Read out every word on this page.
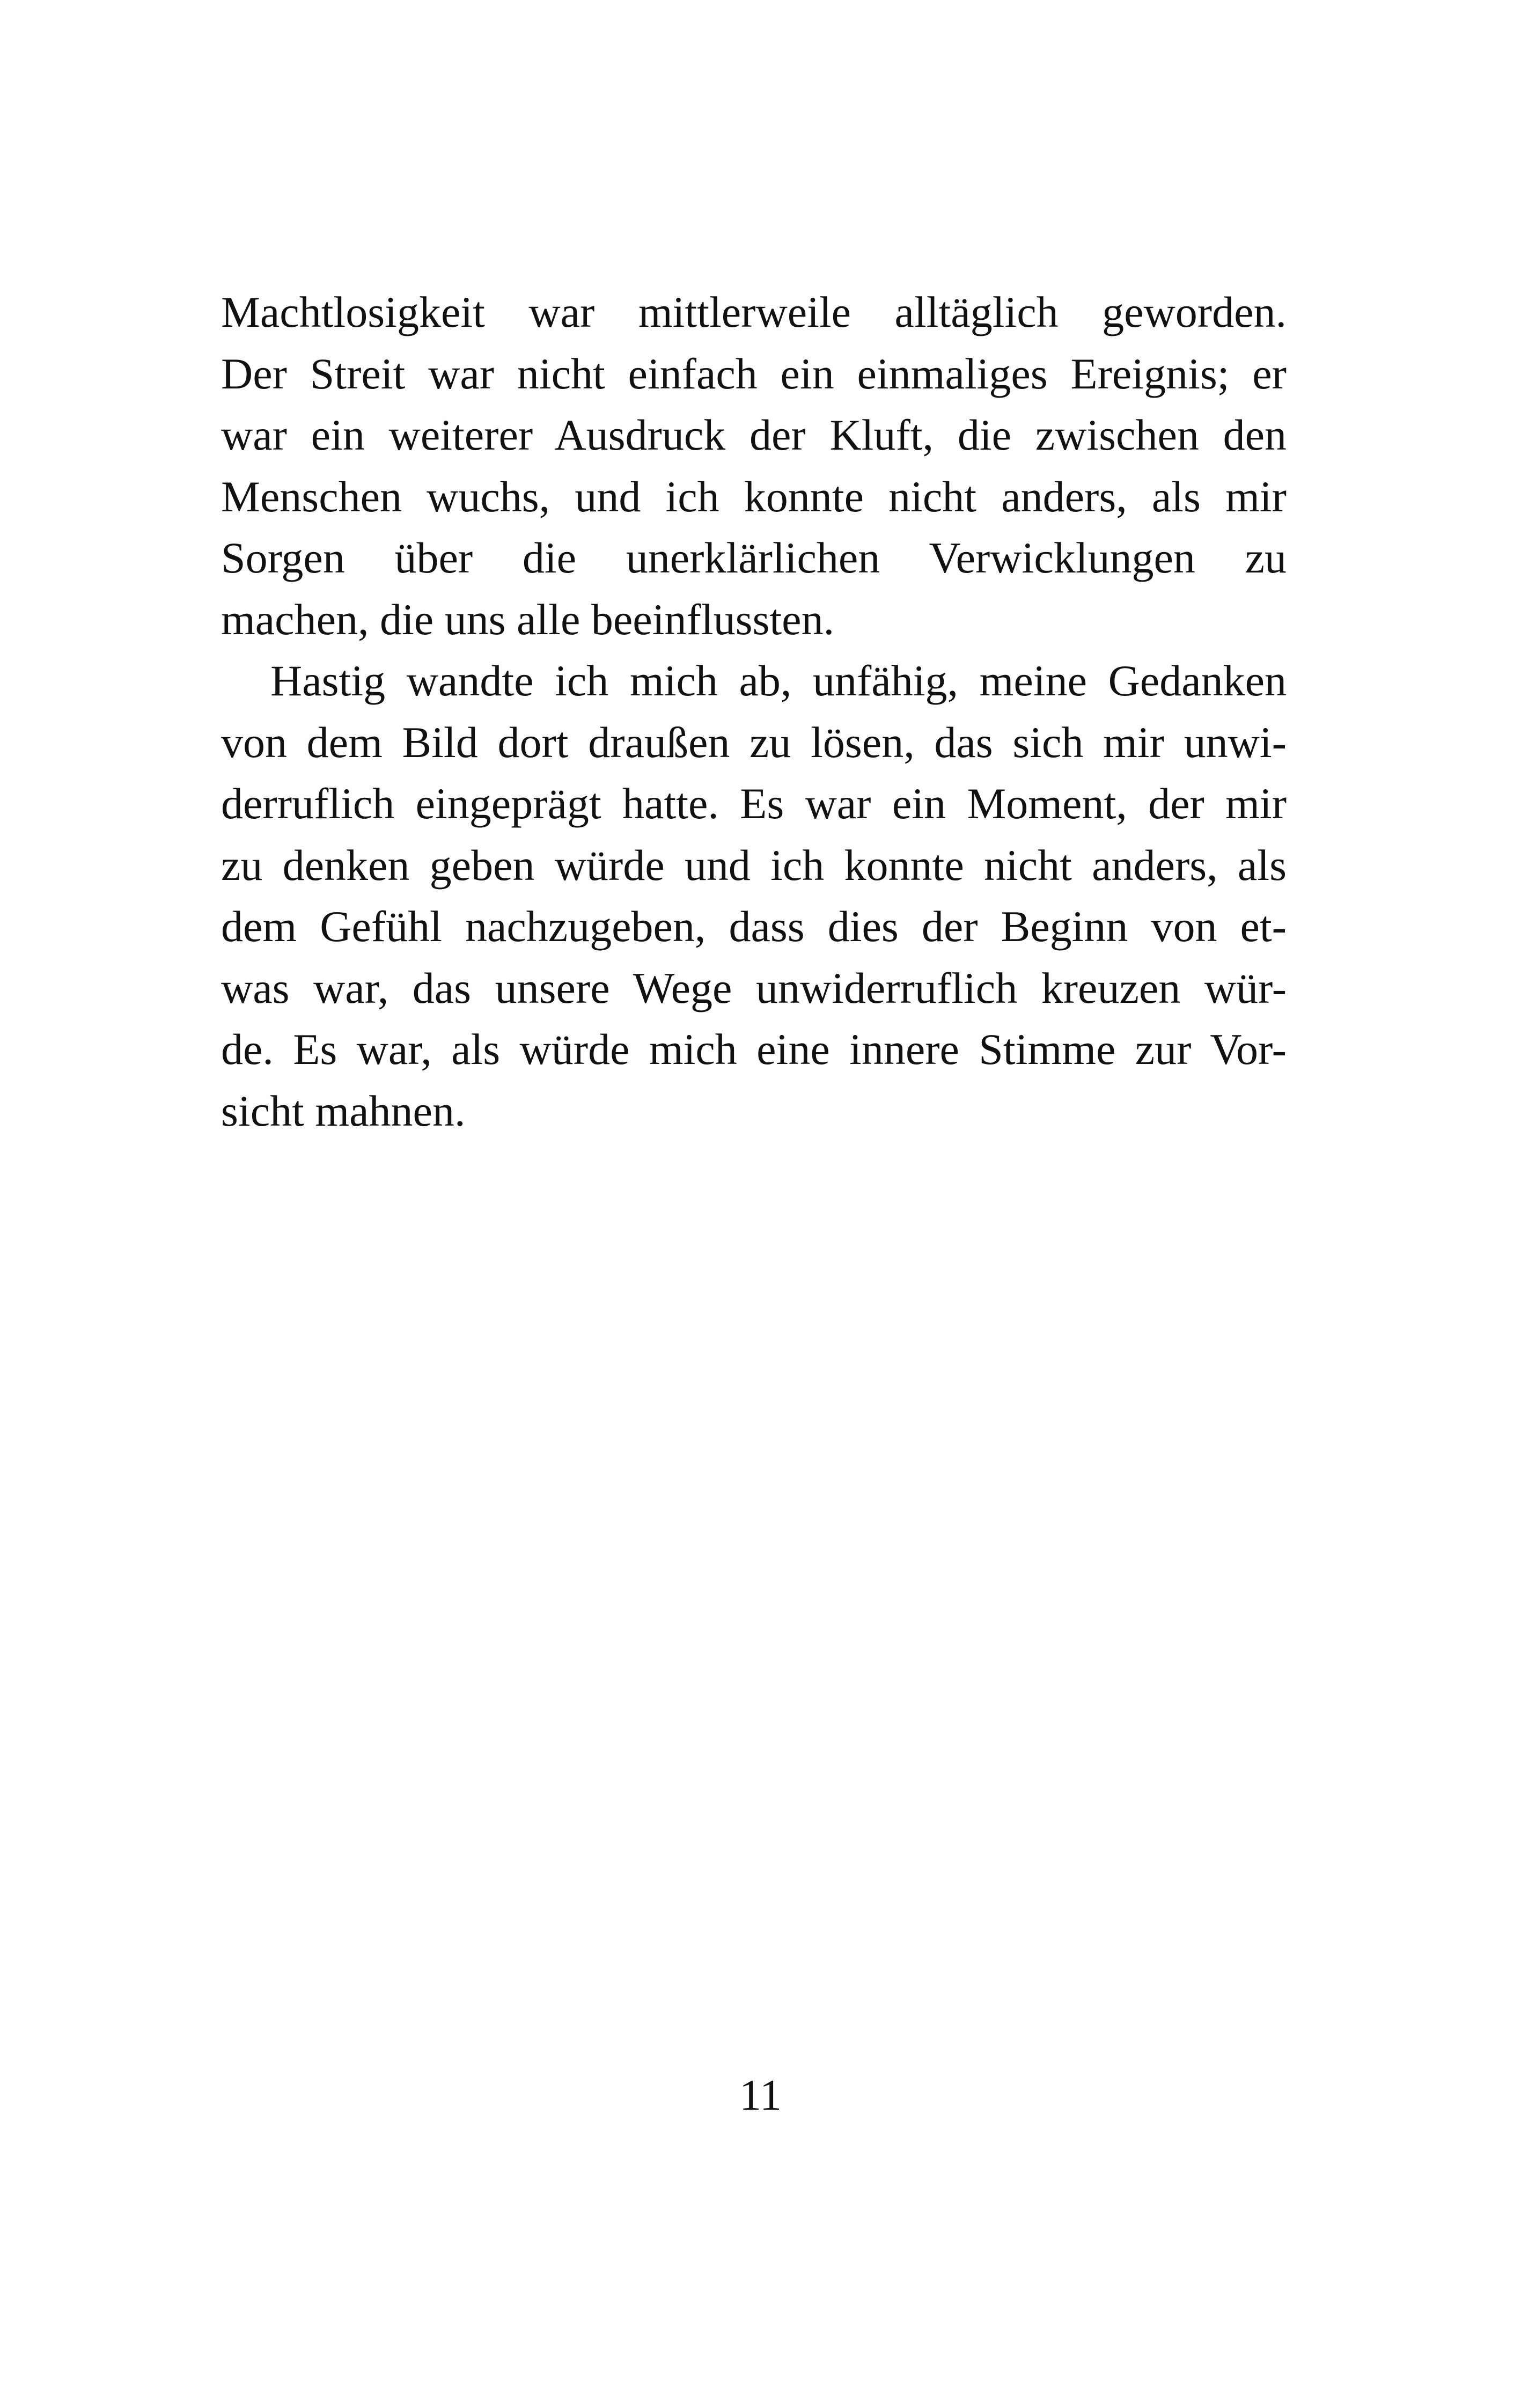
Machtlosigkeit war mittlerweile alltäglich geworden.
Der Streit war nicht einfach ein einmaliges Ereignis; er
war ein weiterer Ausdruck der Kluft, die zwischen den
Menschen wuchs, und ich konnte nicht anders, als mir
Sorgen über die unerklärlichen Verwicklungen zu
machen, die uns alle beeinflussten.
Hastig wandte ich mich ab, unfähig, meine Gedanken
von dem Bild dort draußen zu lösen, das sich mir unwi-
derruflich eingeprägt hatte. Es war ein Moment, der mir
zu denken geben würde und ich konnte nicht anders, als
dem Gefühl nachzugeben, dass dies der Beginn von et-
was war, das unsere Wege unwiderruflich kreuzen wür-
de. Es war, als würde mich eine innere Stimme zur Vor-
sicht mahnen.
11
